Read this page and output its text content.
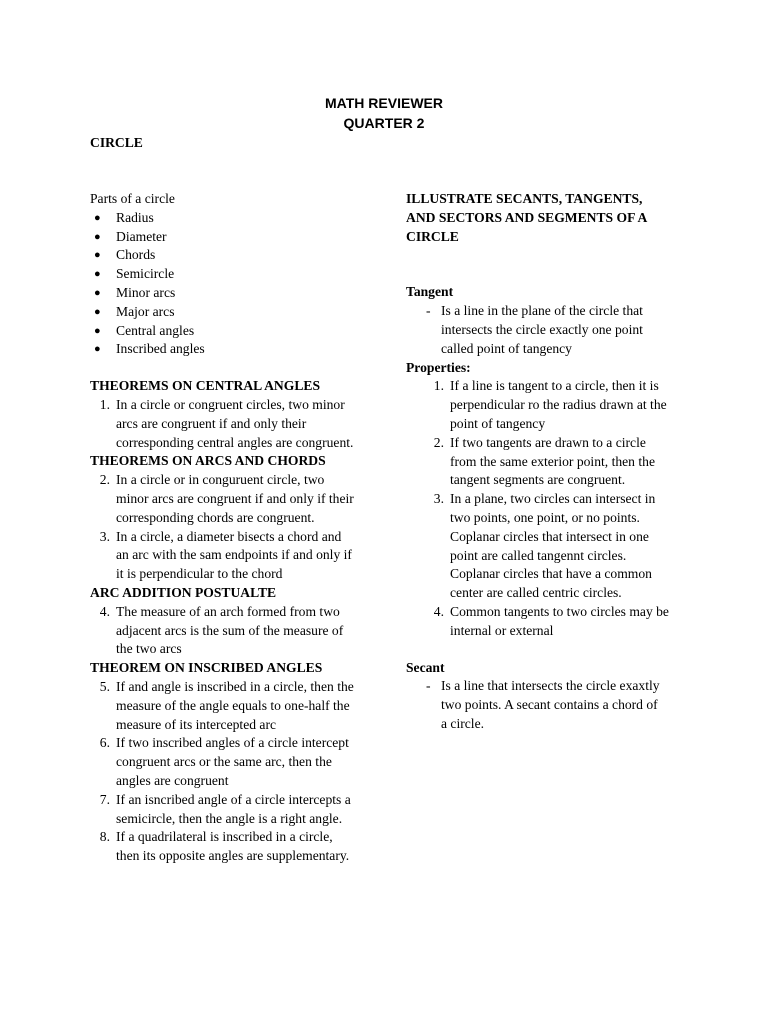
MATH REVIEWER
QUARTER 2
CIRCLE
Parts of a circle
● Radius
● Diameter
● Chords
● Semicircle
● Minor arcs
● Major arcs
● Central angles
● Inscribed angles
THEOREMS ON CENTRAL ANGLES
1. In a circle or congruent circles, two minor
arcs are congruent if and only their
corresponding central angles are congruent.
THEOREMS ON ARCS AND CHORDS
2. In a circle or in conguruent circle, two
minor arcs are congruent if and only if their
corresponding chords are congruent.
3. In a circle, a diameter bisects a chord and
an arc with the sam endpoints if and only if
it is perpendicular to the chord
ARC ADDITION POSTUALTE
4. The measure of an arch formed from two
adjacent arcs is the sum of the measure of
the two arcs
THEOREM ON INSCRIBED ANGLES
5. If and angle is inscribed in a circle, then the
measure of the angle equals to one-half the
measure of its intercepted arc
6. If two inscribed angles of a circle intercept
congruent arcs or the same arc, then the
angles are congruent
7. If an isncribed angle of a circle intercepts a
semicircle, then the angle is a right angle.
8. If a quadrilateral is inscribed in a circle,
then its opposite angles are supplementary.
ILLUSTRATE SECANTS, TANGENTS,
AND SECTORS AND SEGMENTS OF A
CIRCLE
Tangent
- Is a line in the plane of the circle that
intersects the circle exactly one point
called point of tangency
Properties:
1. If a line is tangent to a circle, then it is
perpendicular ro the radius drawn at the
point of tangency
2. If two tangents are drawn to a circle
from the same exterior point, then the
tangent segments are congruent.
3. In a plane, two circles can intersect in
two points, one point, or no points.
Coplanar circles that intersect in one
point are called tangennt circles.
Coplanar circles that have a common
center are called centric circles.
4. Common tangents to two circles may be
internal or external
Secant
- Is a line that intersects the circle exaxtly
two points. A secant contains a chord of
a circle.
